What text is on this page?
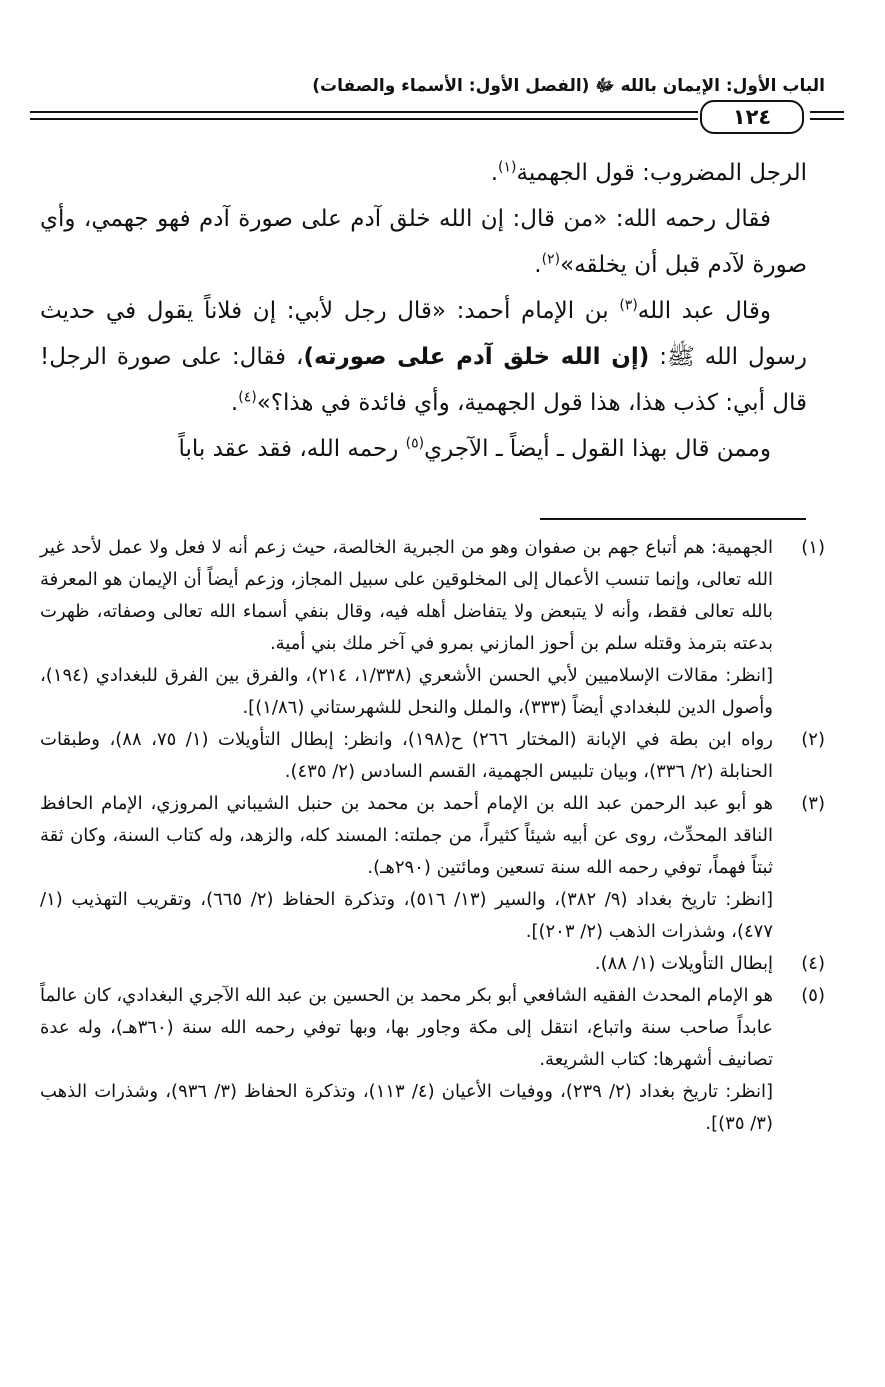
الباب الأول: الإيمان بالله ﷻ (الفصل الأول: الأسماء والصفات)
١٢٤

الرجل المضروب: قول الجهمية$^{(١)}$.

فقال رحمه الله: «من قال: إن الله خلق آدم على صورة آدم فهو جهمي، وأي صورة لآدم قبل أن يخلقه»$^{(٢)}$.

وقال عبد الله$^{(٣)}$ بن الإمام أحمد: «قال رجل لأبي: إن فلاناً يقول في حديث رسول الله ﷺ: (إن الله خلق آدم على صورته)، فقال: على صورة الرجل! قال أبي: كذب هذا، هذا قول الجهمية، وأي فائدة في هذا؟»$^{(٤)}$.

وممن قال بهذا القول ـ أيضاً ـ الآجري$^{(٥)}$ رحمه الله، فقد عقد باباً

(١)

الجهمية: هم أتباع جهم بن صفوان وهو من الجبرية الخالصة، حيث زعم أنه لا فعل ولا عمل لأحد غير الله تعالى، وإنما تنسب الأعمال إلى المخلوقين على سبيل المجاز، وزعم أيضاً أن الإيمان هو المعرفة بالله تعالى فقط، وأنه لا يتبعض ولا يتفاضل أهله فيه، وقال بنفي أسماء الله تعالى وصفاته، ظهرت بدعته بترمذ وقتله سلم بن أحوز المازني بمرو في آخر ملك بني أمية.

[انظر: مقالات الإسلاميين لأبي الحسن الأشعري (١/٣٣٨، ٢١٤)، والفرق بين الفرق للبغدادي (١٩٤)، وأصول الدين للبغدادي أيضاً (٣٣٣)، والملل والنحل للشهرستاني (١/٨٦)].

(٢)

رواه ابن بطة في الإبانة (المختار ٢٦٦) ح(١٩٨)، وانظر: إبطال التأويلات (١/ ٧٥، ٨٨)، وطبقات الحنابلة (٢/ ٣٣٦)، وبيان تلبيس الجهمية، القسم السادس (٢/ ٤٣٥).

(٣)

هو أبو عبد الرحمن عبد الله بن الإمام أحمد بن محمد بن حنبل الشيباني المروزي، الإمام الحافظ الناقد المحدِّث، روى عن أبيه شيئاً كثيراً، من جملته: المسند كله، والزهد، وله كتاب السنة، وكان ثقة ثبتاً فهماً، توفي رحمه الله سنة تسعين ومائتين (٢٩٠هـ).

[انظر: تاريخ بغداد (٩/ ٣٨٢)، والسير (١٣/ ٥١٦)، وتذكرة الحفاظ (٢/ ٦٦٥)، وتقريب التهذيب (١/ ٤٧٧)، وشذرات الذهب (٢/ ٢٠٣)].

(٤)

إبطال التأويلات (١/ ٨٨).

(٥)

هو الإمام المحدث الفقيه الشافعي أبو بكر محمد بن الحسين بن عبد الله الآجري البغدادي، كان عالماً عابداً صاحب سنة واتباع، انتقل إلى مكة وجاور بها، وبها توفي رحمه الله سنة (٣٦٠هـ)، وله عدة تصانيف أشهرها: كتاب الشريعة.

[انظر: تاريخ بغداد (٢/ ٢٣٩)، ووفيات الأعيان (٤/ ١١٣)، وتذكرة الحفاظ (٣/ ٩٣٦)، وشذرات الذهب (٣/ ٣٥)].
